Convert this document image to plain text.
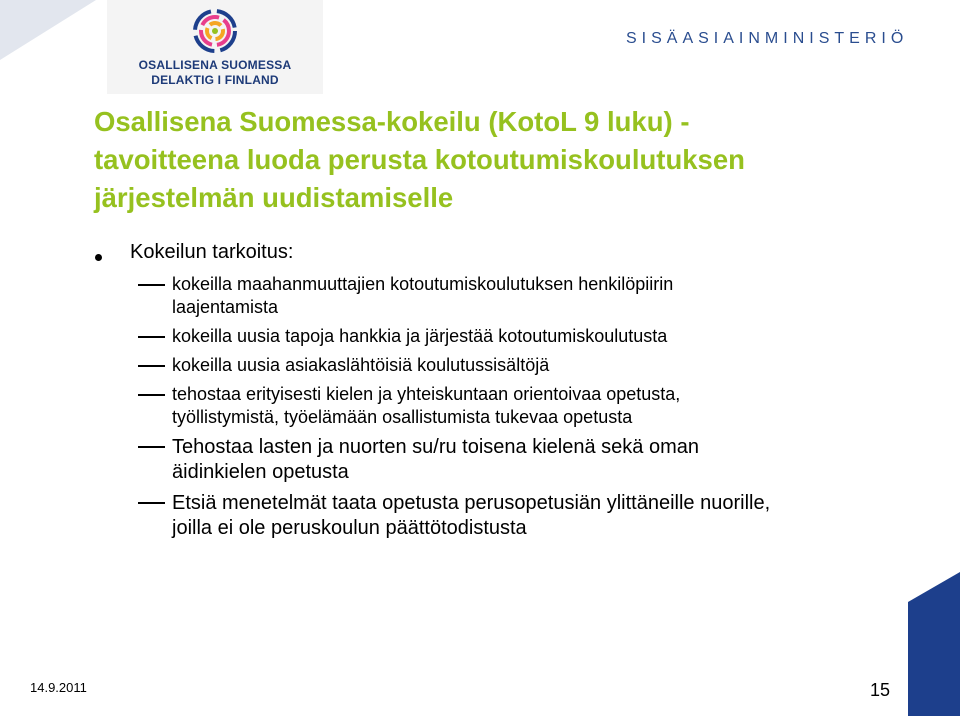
OSALLISENA SUOMESSA
DELAKTIG I FINLAND
SISÄASIAINMINISTERIÖ
Osallisena Suomessa-kokeilu (KotoL 9 luku) -
tavoitteena luoda perusta kotoutumiskoulutuksen
järjestelmän uudistamiselle
Kokeilun tarkoitus:
kokeilla maahanmuuttajien kotoutumiskoulutuksen henkilöpiirin
laajentamista
kokeilla uusia tapoja hankkia ja järjestää kotoutumiskoulutusta
kokeilla uusia asiakaslähtöisiä koulutussisältöjä
tehostaa erityisesti kielen ja yhteiskuntaan orientoivaa opetusta,
työllistymistä, työelämään osallistumista tukevaa opetusta
Tehostaa lasten ja nuorten su/ru toisena kielenä sekä oman
äidinkielen opetusta
Etsiä menetelmät taata opetusta perusopetusiän ylittäneille nuorille,
joilla ei ole peruskoulun päättötodistusta
14.9.2011	15
